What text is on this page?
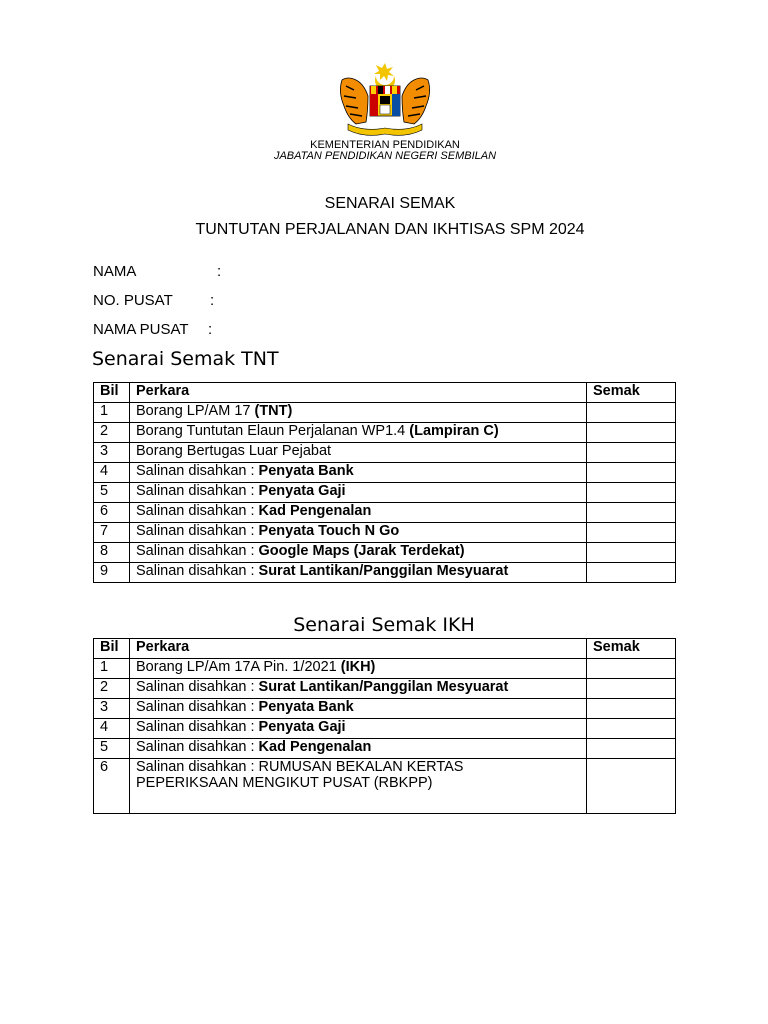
KEMENTERIAN PENDIDIKAN
JABATAN PENDIDIKAN NEGERI SEMBILAN
SENARAI SEMAK
TUNTUTAN PERJALANAN DAN IKHTISAS SPM 2024
NAMA	:
NO. PUSAT :
NAMA PUSAT :
Senarai Semak TNT
Bil	Perkara	Semak
1	Borang LP/AM 17 (TNT)	
2	Borang Tuntutan Elaun Perjalanan WP1.4 (Lampiran C)	
3	Borang Bertugas Luar Pejabat	
4	Salinan disahkan : Penyata Bank	
5	Salinan disahkan : Penyata Gaji	
6	Salinan disahkan : Kad Pengenalan	
7	Salinan disahkan : Penyata Touch N Go	
8	Salinan disahkan : Google Maps (Jarak Terdekat)	
9	Salinan disahkan : Surat Lantikan/Panggilan Mesyuarat	
Senarai Semak IKH
Bil	Perkara	Semak
1	Borang LP/Am 17A Pin. 1/2021 (IKH)	
2	Salinan disahkan : Surat Lantikan/Panggilan Mesyuarat	
3	Salinan disahkan : Penyata Bank	
4	Salinan disahkan : Penyata Gaji	
5	Salinan disahkan : Kad Pengenalan	
6	Salinan disahkan : RUMUSAN BEKALAN KERTAS
PEPERIKSAAN MENGIKUT PUSAT (RBKPP)	
